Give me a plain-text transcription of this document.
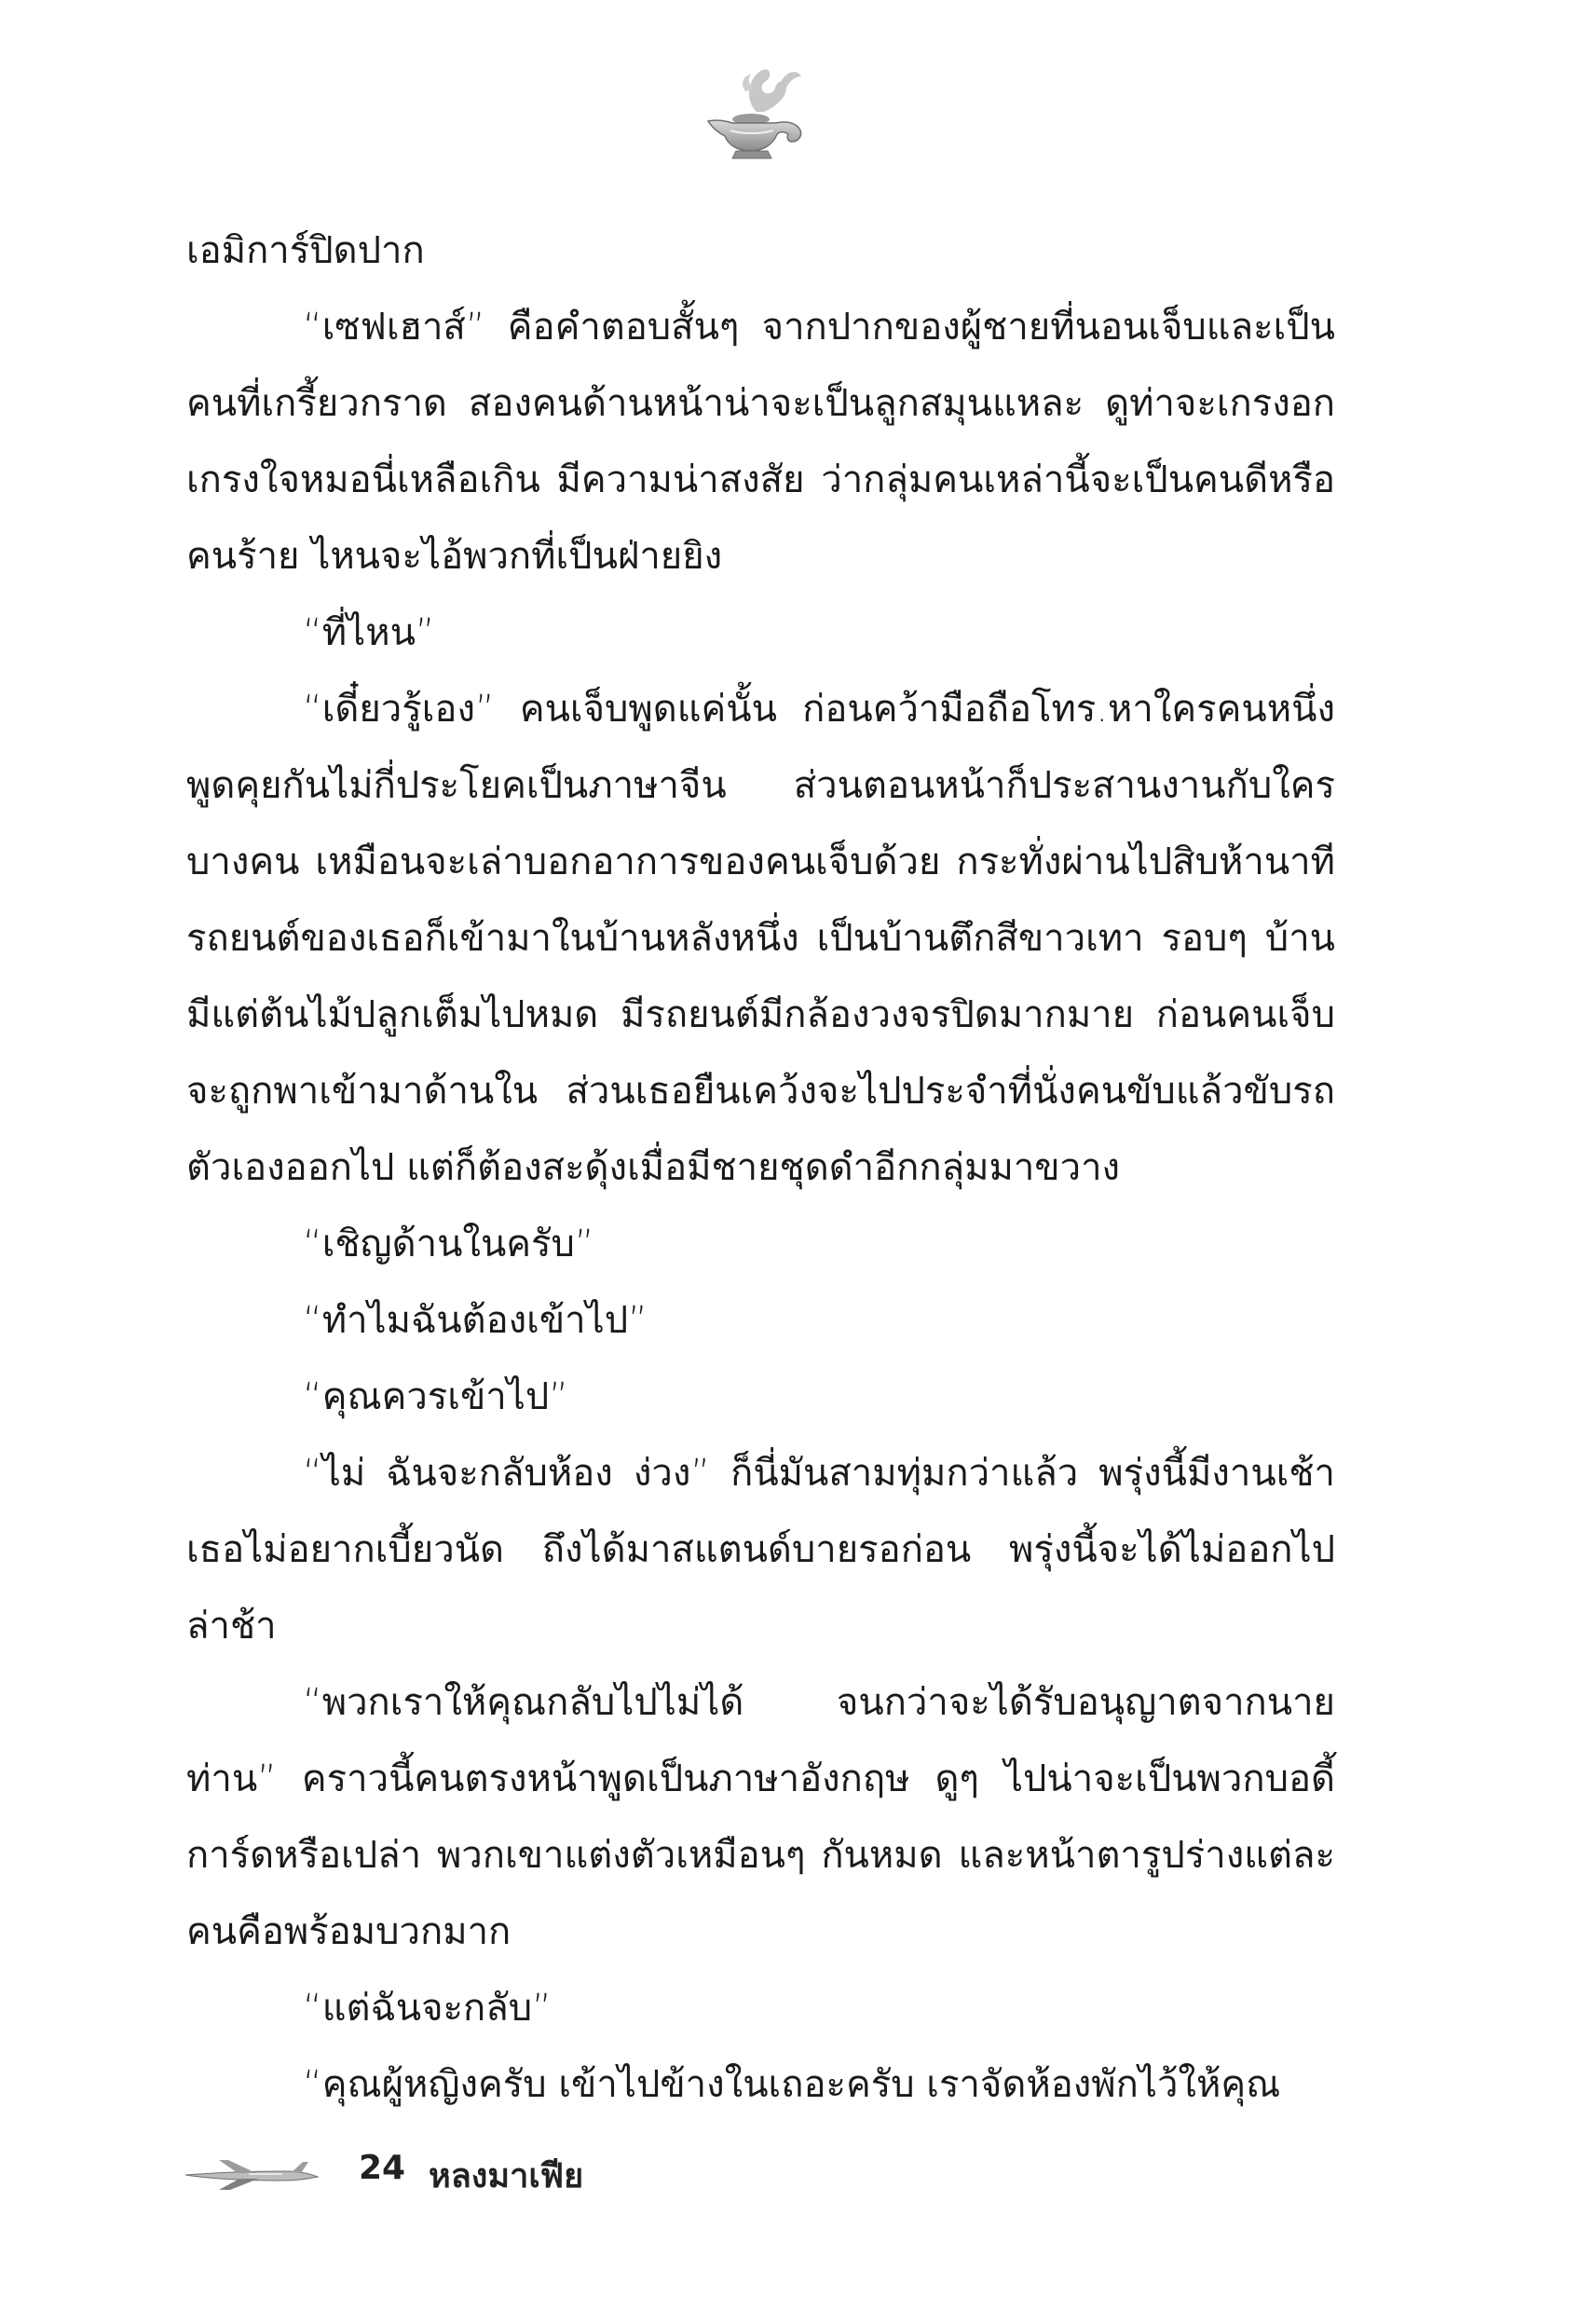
เอมิการ์ปิดปาก

“เซฟเฮาส์” คือคำตอบสั้นๆ จากปากของผู้ชายที่นอนเจ็บและเป็นคนที่เกรี้ยวกราด สองคนด้านหน้าน่าจะเป็นลูกสมุนแหละ ดูท่าจะเกรงอกเกรงใจหมอนี่เหลือเกิน มีความน่าสงสัย ว่ากลุ่มคนเหล่านี้จะเป็นคนดีหรือคนร้าย ไหนจะไอ้พวกที่เป็นฝ่ายยิง

“ที่ไหน”

“เดี๋ยวรู้เอง” คนเจ็บพูดแค่นั้น ก่อนคว้ามือถือโทร.หาใครคนหนึ่ง พูดคุยกันไม่กี่ประโยคเป็นภาษาจีน ส่วนตอนหน้าก็ประสานงานกับใครบางคน เหมือนจะเล่าบอกอาการของคนเจ็บด้วย กระทั่งผ่านไปสิบห้านาทีรถยนต์ของเธอก็เข้ามาในบ้านหลังหนึ่ง เป็นบ้านตึกสีขาวเทา รอบๆ บ้านมีแต่ต้นไม้ปลูกเต็มไปหมด มีรถยนต์มีกล้องวงจรปิดมากมาย ก่อนคนเจ็บจะถูกพาเข้ามาด้านใน ส่วนเธอยืนเคว้งจะไปประจำที่นั่งคนขับแล้วขับรถตัวเองออกไป แต่ก็ต้องสะดุ้งเมื่อมีชายชุดดำอีกกลุ่มมาขวาง

“เชิญด้านในครับ”

“ทำไมฉันต้องเข้าไป”

“คุณควรเข้าไป”

“ไม่ ฉันจะกลับห้อง ง่วง” ก็นี่มันสามทุ่มกว่าแล้ว พรุ่งนี้มีงานเช้าเธอไม่อยากเบี้ยวนัด ถึงได้มาสแตนด์บายรอก่อน พรุ่งนี้จะได้ไม่ออกไปล่าช้า

“พวกเราให้คุณกลับไปไม่ได้ จนกว่าจะได้รับอนุญาตจากนายท่าน” คราวนี้คนตรงหน้าพูดเป็นภาษาอังกฤษ ดูๆ ไปน่าจะเป็นพวกบอดี้การ์ดหรือเปล่า พวกเขาแต่งตัวเหมือนๆ กันหมด และหน้าตารูปร่างแต่ละคนคือพร้อมบวกมาก

“แต่ฉันจะกลับ”

“คุณผู้หญิงครับ เข้าไปข้างในเถอะครับ เราจัดห้องพักไว้ให้คุณ

24 หลงมาเฟีย
